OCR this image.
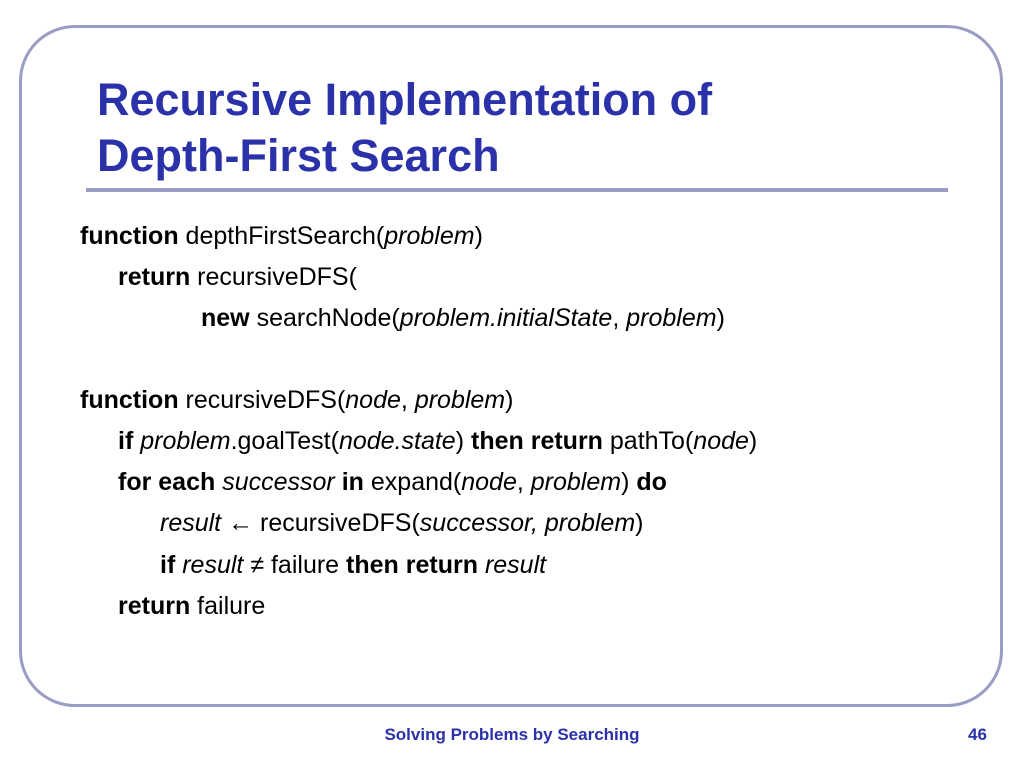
Recursive Implementation of
Depth-First Search
function depthFirstSearch(problem)
return recursiveDFS(
new searchNode(problem.initialState, problem)
function recursiveDFS(node, problem)
if problem.goalTest(node.state) then return pathTo(node)
for each successor in expand(node, problem) do
result ← recursiveDFS(successor, problem)
if result ≠ failure then return result
return failure
Solving Problems by Searching	46
